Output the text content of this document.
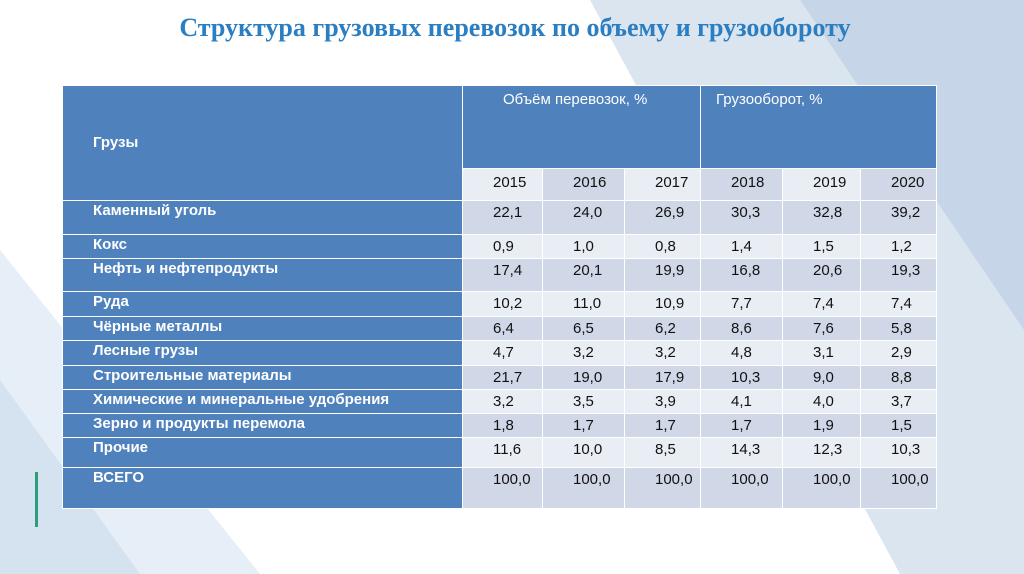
Структура грузовых перевозок по объему и грузообороту
Грузы	Объём перевозок, %			Грузооборот, %		
	2015	2016	2017	2018	2019	2020
Каменный уголь	22,1	24,0	26,9	30,3	32,8	39,2
Кокс	0,9	1,0	0,8	1,4	1,5	1,2
Нефть и нефтепродукты	17,4	20,1	19,9	16,8	20,6	19,3
Руда	10,2	11,0	10,9	7,7	7,4	7,4
Чёрные металлы	6,4	6,5	6,2	8,6	7,6	5,8
Лесные грузы	4,7	3,2	3,2	4,8	3,1	2,9
Строительные материалы	21,7	19,0	17,9	10,3	9,0	8,8
Химические и минеральные удобрения	3,2	3,5	3,9	4,1	4,0	3,7
Зерно и продукты перемола	1,8	1,7	1,7	1,7	1,9	1,5
Прочие	11,6	10,0	8,5	14,3	12,3	10,3
ВСЕГО	100,0	100,0	100,0	100,0	100,0	100,0
